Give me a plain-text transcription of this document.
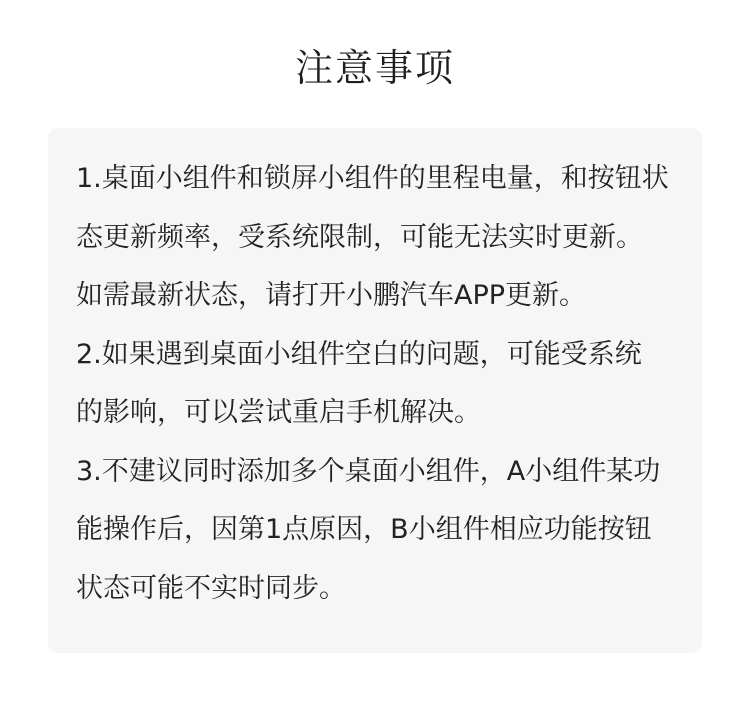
注意事项
1.桌面小组件和锁屏小组件的里程电量，和按钮状
态更新频率，受系统限制，可能无法实时更新。
如需最新状态，请打开小鹏汽车APP更新。
2.如果遇到桌面小组件空白的问题，可能受系统
的影响，可以尝试重启手机解决。
3.不建议同时添加多个桌面小组件，A小组件某功
能操作后，因第1点原因，B小组件相应功能按钮
状态可能不实时同步。
